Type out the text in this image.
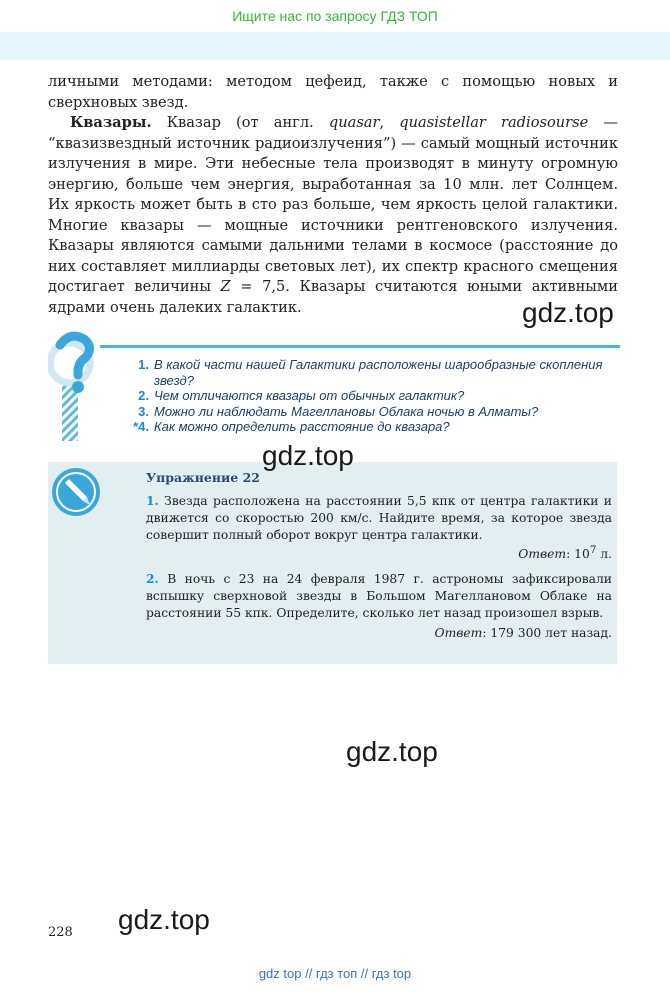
Ищите нас по запросу ГДЗ ТОП

личными методами: методом цефеид, также с помощью новых и сверхновых звезд.

Квазары. Квазар (от англ. quasar, quasistellar radiosourse — “квазизвездный источник радиоизлучения”) — самый мощный источник излучения в мире. Эти небесные тела производят в минуту огромную энергию, больше чем энергия, выработанная за 10 млн. лет Солнцем. Их яркость может быть в сто раз больше, чем яркость целой галактики. Многие квазары — мощные источники рентгеновского излучения. Квазары являются самыми дальними телами в космосе (расстояние до них составляет миллиарды световых лет), их спектр красного смещения достигает величины Z = 7,5. Квазары считаются юными активными ядрами очень далеких галактик.	gdz.top
1. В какой части нашей Галактики расположены шарообразные скопления звезд?
2. Чем отличаются квазары от обычных галактик?
3. Можно ли наблюдать Магеллановы Облака ночью в Алматы?
*4. Как можно определить расстояние до квазара?
Упражнение 22

1. Звезда расположена на расстоянии 5,5 кпк от центра галактики и движется со скоростью 200 км/с. Найдите время, за которое звезда совершит полный оборот вокруг центра галактики.

Ответ: $10^7$ л.

2. В ночь с 23 на 24 февраля 1987 г. астрономы зафиксировали вспышку сверхновой звезды в Большом Магеллановом Облаке на расстоянии 55 кпк. Определите, сколько лет назад произошел взрыв.

Ответ: 179 300 лет назад.
gdz.top
gdz.top
gdz.top
228
gdz top // гдз топ // гдз top
